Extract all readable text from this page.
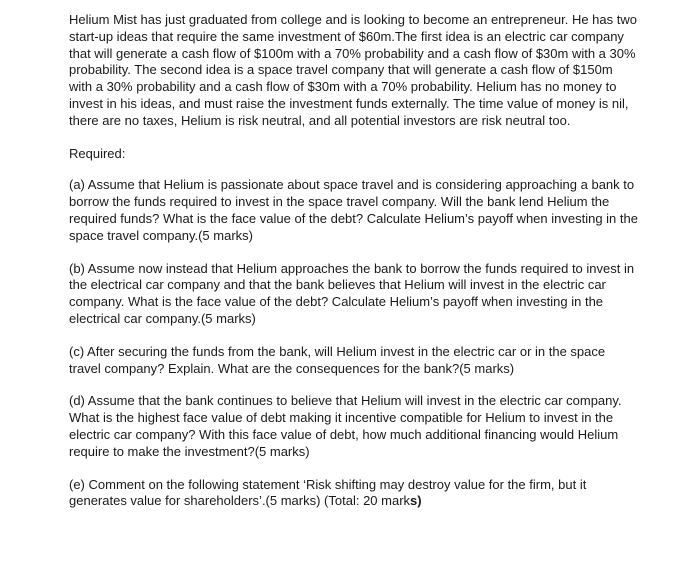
Helium Mist has just graduated from college and is looking to become an entrepreneur. He has two start-up ideas that require the same investment of $60m.The first idea is an electric car company that will generate a cash flow of $100m with a 70% probability and a cash flow of $30m with a 30% probability. The second idea is a space travel company that will generate a cash flow of $150m with a 30% probability and a cash flow of $30m with a 70% probability. Helium has no money to invest in his ideas, and must raise the investment funds externally. The time value of money is nil, there are no taxes, Helium is risk neutral, and all potential investors are risk neutral too.

Required:

(a) Assume that Helium is passionate about space travel and is considering approaching a bank to borrow the funds required to invest in the space travel company. Will the bank lend Helium the required funds? What is the face value of the debt? Calculate Helium’s payoff when investing in the space travel company.(5 marks)

(b) Assume now instead that Helium approaches the bank to borrow the funds required to invest in the electrical car company and that the bank believes that Helium will invest in the electric car company. What is the face value of the debt? Calculate Helium’s payoff when investing in the electrical car company.(5 marks)

(c) After securing the funds from the bank, will Helium invest in the electric car or in the space travel company? Explain. What are the consequences for the bank?(5 marks)

(d) Assume that the bank continues to believe that Helium will invest in the electric car company. What is the highest face value of debt making it incentive compatible for Helium to invest in the electric car company? With this face value of debt, how much additional financing would Helium require to make the investment?(5 marks)

(e) Comment on the following statement ‘Risk shifting may destroy value for the firm, but it generates value for shareholders’.(5 marks) (Total: 20 marks)
